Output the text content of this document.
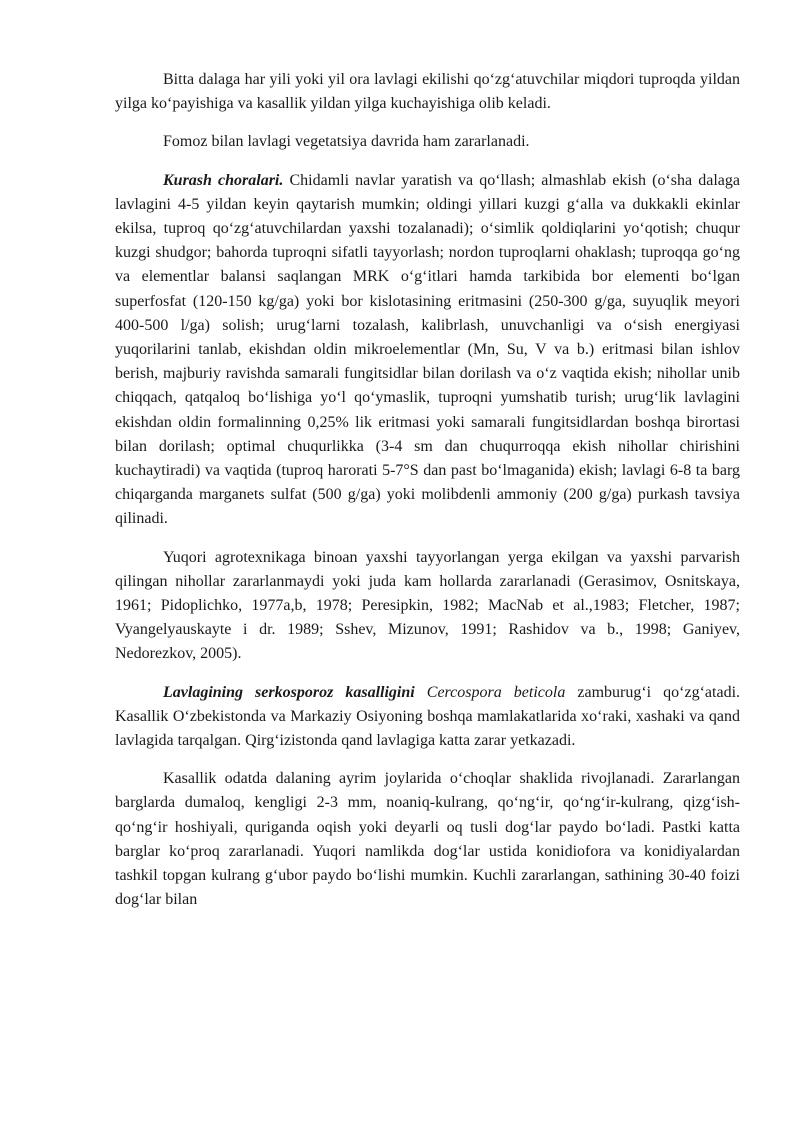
Bitta dalaga har yili yoki yil ora lavlagi ekilishi qo‘zg‘atuvchilar miqdori tuproqda yildan yilga ko‘payishiga va kasallik yildan yilga kuchayishiga olib keladi.

Fomoz bilan lavlagi vegetatsiya davrida ham zararlanadi.

Kurash choralari. Chidamli navlar yaratish va qo‘llash; almashlab ekish (o‘sha dalaga lavlagini 4-5 yildan keyin qaytarish mumkin; oldingi yillari kuzgi g‘alla va dukkakli ekinlar ekilsa, tuproq qo‘zg‘atuvchilardan yaxshi tozalanadi); o‘simlik qoldiqlarini yo‘qotish; chuqur kuzgi shudgor; bahorda tuproqni sifatli tayyorlash; nordon tuproqlarni ohaklash; tuproqqa go‘ng va elementlar balansi saqlangan MRK o‘g‘itlari hamda tarkibida bor elementi bo‘lgan superfosfat (120-150 kg/ga) yoki bor kislotasining eritmasini (250-300 g/ga, suyuqlik meyori 400-500 l/ga) solish; urug‘larni tozalash, kalibrlash, unuvchanligi va o‘sish energiyasi yuqorilarini tanlab, ekishdan oldin mikroelementlar (Mn, Su, V va b.) eritmasi bilan ishlov berish, majburiy ravishda samarali fungitsidlar bilan dorilash va o‘z vaqtida ekish; nihollar unib chiqqach, qatqaloq bo‘lishiga yo‘l qo‘ymaslik, tuproqni yumshatib turish; urug‘lik lavlagini ekishdan oldin formalinning 0,25% lik eritmasi yoki samarali fungitsidlardan boshqa birortasi bilan dorilash; optimal chuqurlikka (3-4 sm dan chuqurroqqa ekish nihollar chirishini kuchaytiradi) va vaqtida (tuproq harorati 5-7°S dan past bo‘lmaganida) ekish; lavlagi 6-8 ta barg chiqarganda marganets sulfat (500 g/ga) yoki molibdenli ammoniy (200 g/ga) purkash tavsiya qilinadi.

Yuqori agrotexnikaga binoan yaxshi tayyorlangan yerga ekilgan va yaxshi parvarish qilingan nihollar zararlanmaydi yoki juda kam hollarda zararlanadi (Gerasimov, Osnitskaya, 1961; Pidoplichko, 1977a,b, 1978; Peresipkin, 1982; MacNab et al.,1983; Fletcher, 1987; Vyangelyauskayte i dr. 1989; Sshev, Mizunov, 1991; Rashidov va b., 1998; Ganiyev, Nedorezkov, 2005).

Lavlagining serkosporoz kasalligini Cercospora beticola zamburug‘i qo‘zg‘atadi. Kasallik O‘zbekistonda va Markaziy Osiyoning boshqa mamlakatlarida xo‘raki, xashaki va qand lavlagida tarqalgan. Qirg‘izistonda qand lavlagiga katta zarar yetkazadi.

Kasallik odatda dalaning ayrim joylarida o‘choqlar shaklida rivojlanadi. Zararlangan barglarda dumaloq, kengligi 2-3 mm, noaniq-kulrang, qo‘ng‘ir, qo‘ng‘ir-kulrang, qizg‘ish-qo‘ng‘ir hoshiyali, quriganda oqish yoki deyarli oq tusli dog‘lar paydo bo‘ladi. Pastki katta barglar ko‘proq zararlanadi. Yuqori namlikda dog‘lar ustida konidiofora va konidiyalardan tashkil topgan kulrang g‘ubor paydo bo‘lishi mumkin. Kuchli zararlangan, sathining 30-40 foizi dog‘lar bilan
